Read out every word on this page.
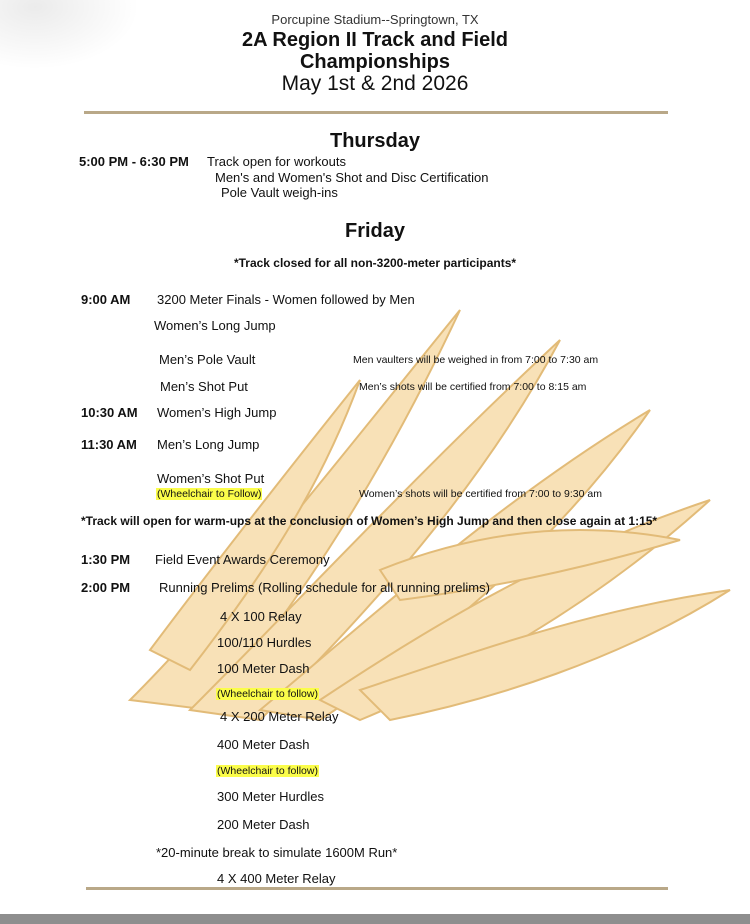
Porcupine Stadium--Springtown, TX
2A Region II Track and Field
Championships
May 1st & 2nd 2026
Thursday
5:00 PM - 6:30 PM Track open for workouts
Men's and Women's Shot and Disc Certification
Pole Vault weigh-ins
Friday
*Track closed for all non-3200-meter participants*
9:00 AM 3200 Meter Finals - Women followed by Men
Women’s Long Jump
Men’s Pole Vault	Men vaulters will be weighed in from 7:00 to 7:30 am
Men’s Shot Put	Men’s shots will be certified from 7:00 to 8:15 am
10:30 AM Women’s High Jump
11:30 AM Men’s Long Jump
Women’s Shot Put
(Wheelchair to Follow)	Women’s shots will be certified from 7:00 to 9:30 am
*Track will open for warm-ups at the conclusion of Women’s High Jump and then close again at 1:15*
1:30 PM Field Event Awards Ceremony
2:00 PM Running Prelims (Rolling schedule for all running prelims)
4 X 100 Relay
100/110 Hurdles
100 Meter Dash
(Wheelchair to follow)
4 X 200 Meter Relay
400 Meter Dash
(Wheelchair to follow)
300 Meter Hurdles
200 Meter Dash
*20-minute break to simulate 1600M Run*
4 X 400 Meter Relay
